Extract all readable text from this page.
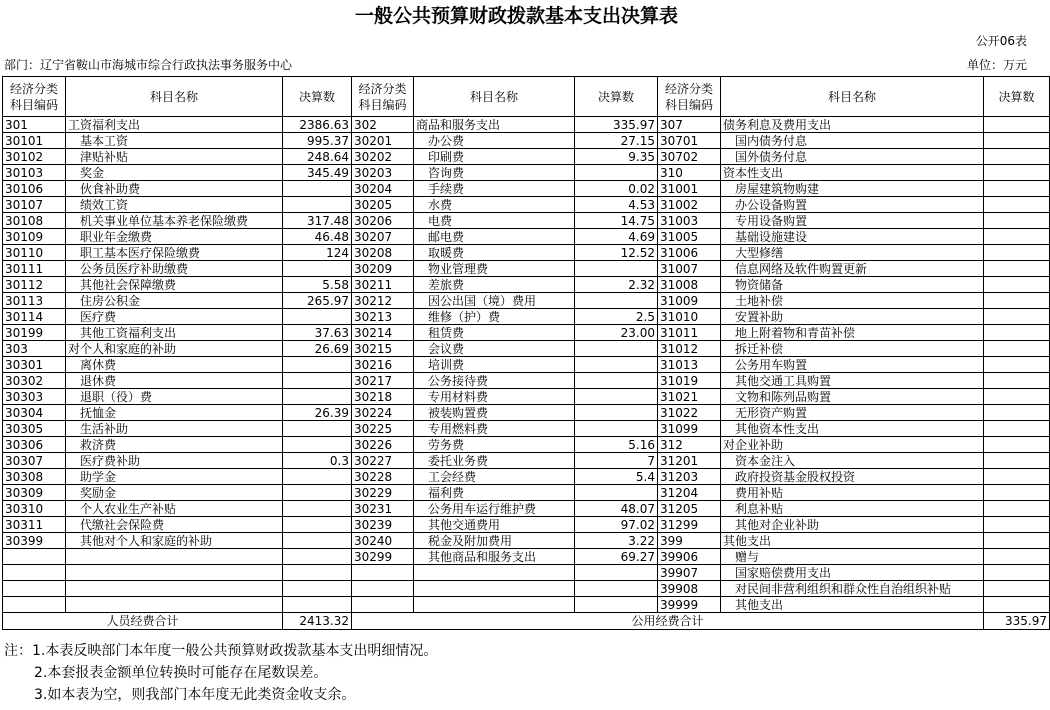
一般公共预算财政拨款基本支出决算表
公开06表
部门：辽宁省鞍山市海城市综合行政执法事务服务中心	单位：万元
经济分类科目编码	科目名称	决算数	经济分类科目编码	科目名称	决算数	经济分类科目编码	科目名称	决算数
301	工资福利支出	2386.63	302	商品和服务支出	335.97	307	债务利息及费用支出	
30101	基本工资	995.37	30201	办公费	27.15	30701	国内债务付息	
30102	津贴补贴	248.64	30202	印刷费	9.35	30702	国外债务付息	
30103	奖金	345.49	30203	咨询费		310	资本性支出	
30106	伙食补助费		30204	手续费	0.02	31001	房屋建筑物购建	
30107	绩效工资		30205	水费	4.53	31002	办公设备购置	
30108	机关事业单位基本养老保险缴费	317.48	30206	电费	14.75	31003	专用设备购置	
30109	职业年金缴费	46.48	30207	邮电费	4.69	31005	基础设施建设	
30110	职工基本医疗保险缴费	124	30208	取暖费	12.52	31006	大型修缮	
30111	公务员医疗补助缴费		30209	物业管理费		31007	信息网络及软件购置更新	
30112	其他社会保障缴费	5.58	30211	差旅费	2.32	31008	物资储备	
30113	住房公积金	265.97	30212	因公出国（境）费用		31009	土地补偿	
30114	医疗费		30213	维修（护）费	2.5	31010	安置补助	
30199	其他工资福利支出	37.63	30214	租赁费	23.00	31011	地上附着物和青苗补偿	
303	对个人和家庭的补助	26.69	30215	会议费		31012	拆迁补偿	
30301	离休费		30216	培训费		31013	公务用车购置	
30302	退休费		30217	公务接待费		31019	其他交通工具购置	
30303	退职（役）费		30218	专用材料费		31021	文物和陈列品购置	
30304	抚恤金	26.39	30224	被装购置费		31022	无形资产购置	
30305	生活补助		30225	专用燃料费		31099	其他资本性支出	
30306	救济费		30226	劳务费	5.16	312	对企业补助	
30307	医疗费补助	0.3	30227	委托业务费	7	31201	资本金注入	
30308	助学金		30228	工会经费	5.4	31203	政府投资基金股权投资	
30309	奖励金		30229	福利费		31204	费用补贴	
30310	个人农业生产补贴		30231	公务用车运行维护费	48.07	31205	利息补贴	
30311	代缴社会保险费		30239	其他交通费用	97.02	31299	其他对企业补助	
30399	其他对个人和家庭的补助		30240	税金及附加费用	3.22	399	其他支出	
			30299	其他商品和服务支出	69.27	39906	赠与	
						39907	国家赔偿费用支出	
						39908	对民间非营利组织和群众性自治组织补贴	
						39999	其他支出	
人员经费合计		2413.32	公用经费合计					335.97
注：1.本表反映部门本年度一般公共预算财政拨款基本支出明细情况。
2.本套报表金额单位转换时可能存在尾数误差。
3.如本表为空，则我部门本年度无此类资金收支余。
